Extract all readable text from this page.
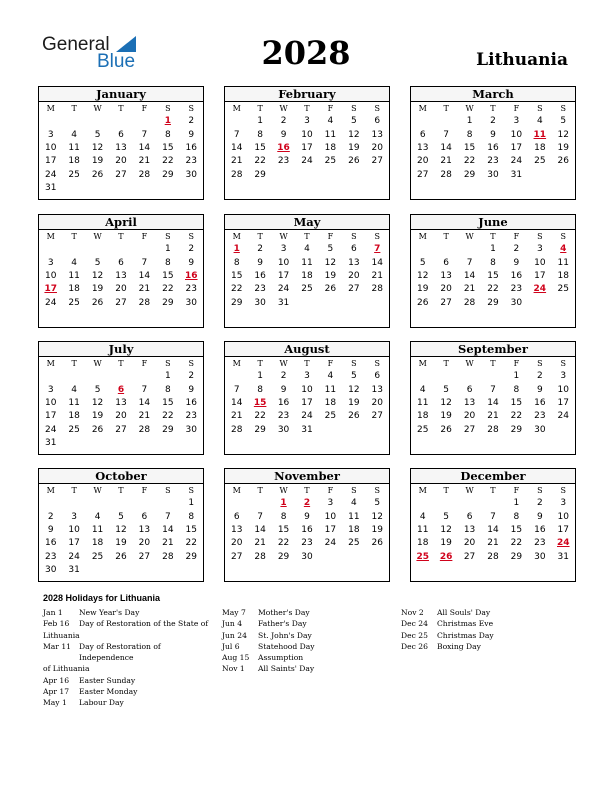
General
Blue	2028	Lithuania
January
M	T	W	T	F	S	S
					1	2
3	4	5	6	7	8	9
10	11	12	13	14	15	16
17	18	19	20	21	22	23
24	25	26	27	28	29	30
31						
February
M	T	W	T	F	S	S
	1	2	3	4	5	6
7	8	9	10	11	12	13
14	15	16	17	18	19	20
21	22	23	24	25	26	27
28	29					
March
M	T	W	T	F	S	S
		1	2	3	4	5
6	7	8	9	10	11	12
13	14	15	16	17	18	19
20	21	22	23	24	25	26
27	28	29	30	31		
April
M	T	W	T	F	S	S
					1	2
3	4	5	6	7	8	9
10	11	12	13	14	15	16
17	18	19	20	21	22	23
24	25	26	27	28	29	30
May
M	T	W	T	F	S	S
1	2	3	4	5	6	7
8	9	10	11	12	13	14
15	16	17	18	19	20	21
22	23	24	25	26	27	28
29	30	31				
June
M	T	W	T	F	S	S
			1	2	3	4
5	6	7	8	9	10	11
12	13	14	15	16	17	18
19	20	21	22	23	24	25
26	27	28	29	30		
July
M	T	W	T	F	S	S
					1	2
3	4	5	6	7	8	9
10	11	12	13	14	15	16
17	18	19	20	21	22	23
24	25	26	27	28	29	30
31						
August
M	T	W	T	F	S	S
	1	2	3	4	5	6
7	8	9	10	11	12	13
14	15	16	17	18	19	20
21	22	23	24	25	26	27
28	29	30	31			
September
M	T	W	T	F	S	S
				1	2	3
4	5	6	7	8	9	10
11	12	13	14	15	16	17
18	19	20	21	22	23	24
25	26	27	28	29	30	
October
M	T	W	T	F	S	S
						1
2	3	4	5	6	7	8
9	10	11	12	13	14	15
16	17	18	19	20	21	22
23	24	25	26	27	28	29
30	31					
November
M	T	W	T	F	S	S
		1	2	3	4	5
6	7	8	9	10	11	12
13	14	15	16	17	18	19
20	21	22	23	24	25	26
27	28	29	30			
December
M	T	W	T	F	S	S
				1	2	3
4	5	6	7	8	9	10
11	12	13	14	15	16	17
18	19	20	21	22	23	24
25	26	27	28	29	30	31
2028 Holidays for Lithuania
Jan 1	New Year's Day
Feb 16	Day of Restoration of the State of
Lithuania
Mar 11	Day of Restoration of Independence
of Lithuania
Apr 16	Easter Sunday
Apr 17	Easter Monday
May 1	Labour Day
May 7	Mother's Day
Jun 4	Father's Day
Jun 24	St. John's Day
Jul 6	Statehood Day
Aug 15	Assumption
Nov 1	All Saints' Day
Nov 2	All Souls' Day
Dec 24	Christmas Eve
Dec 25	Christmas Day
Dec 26	Boxing Day
